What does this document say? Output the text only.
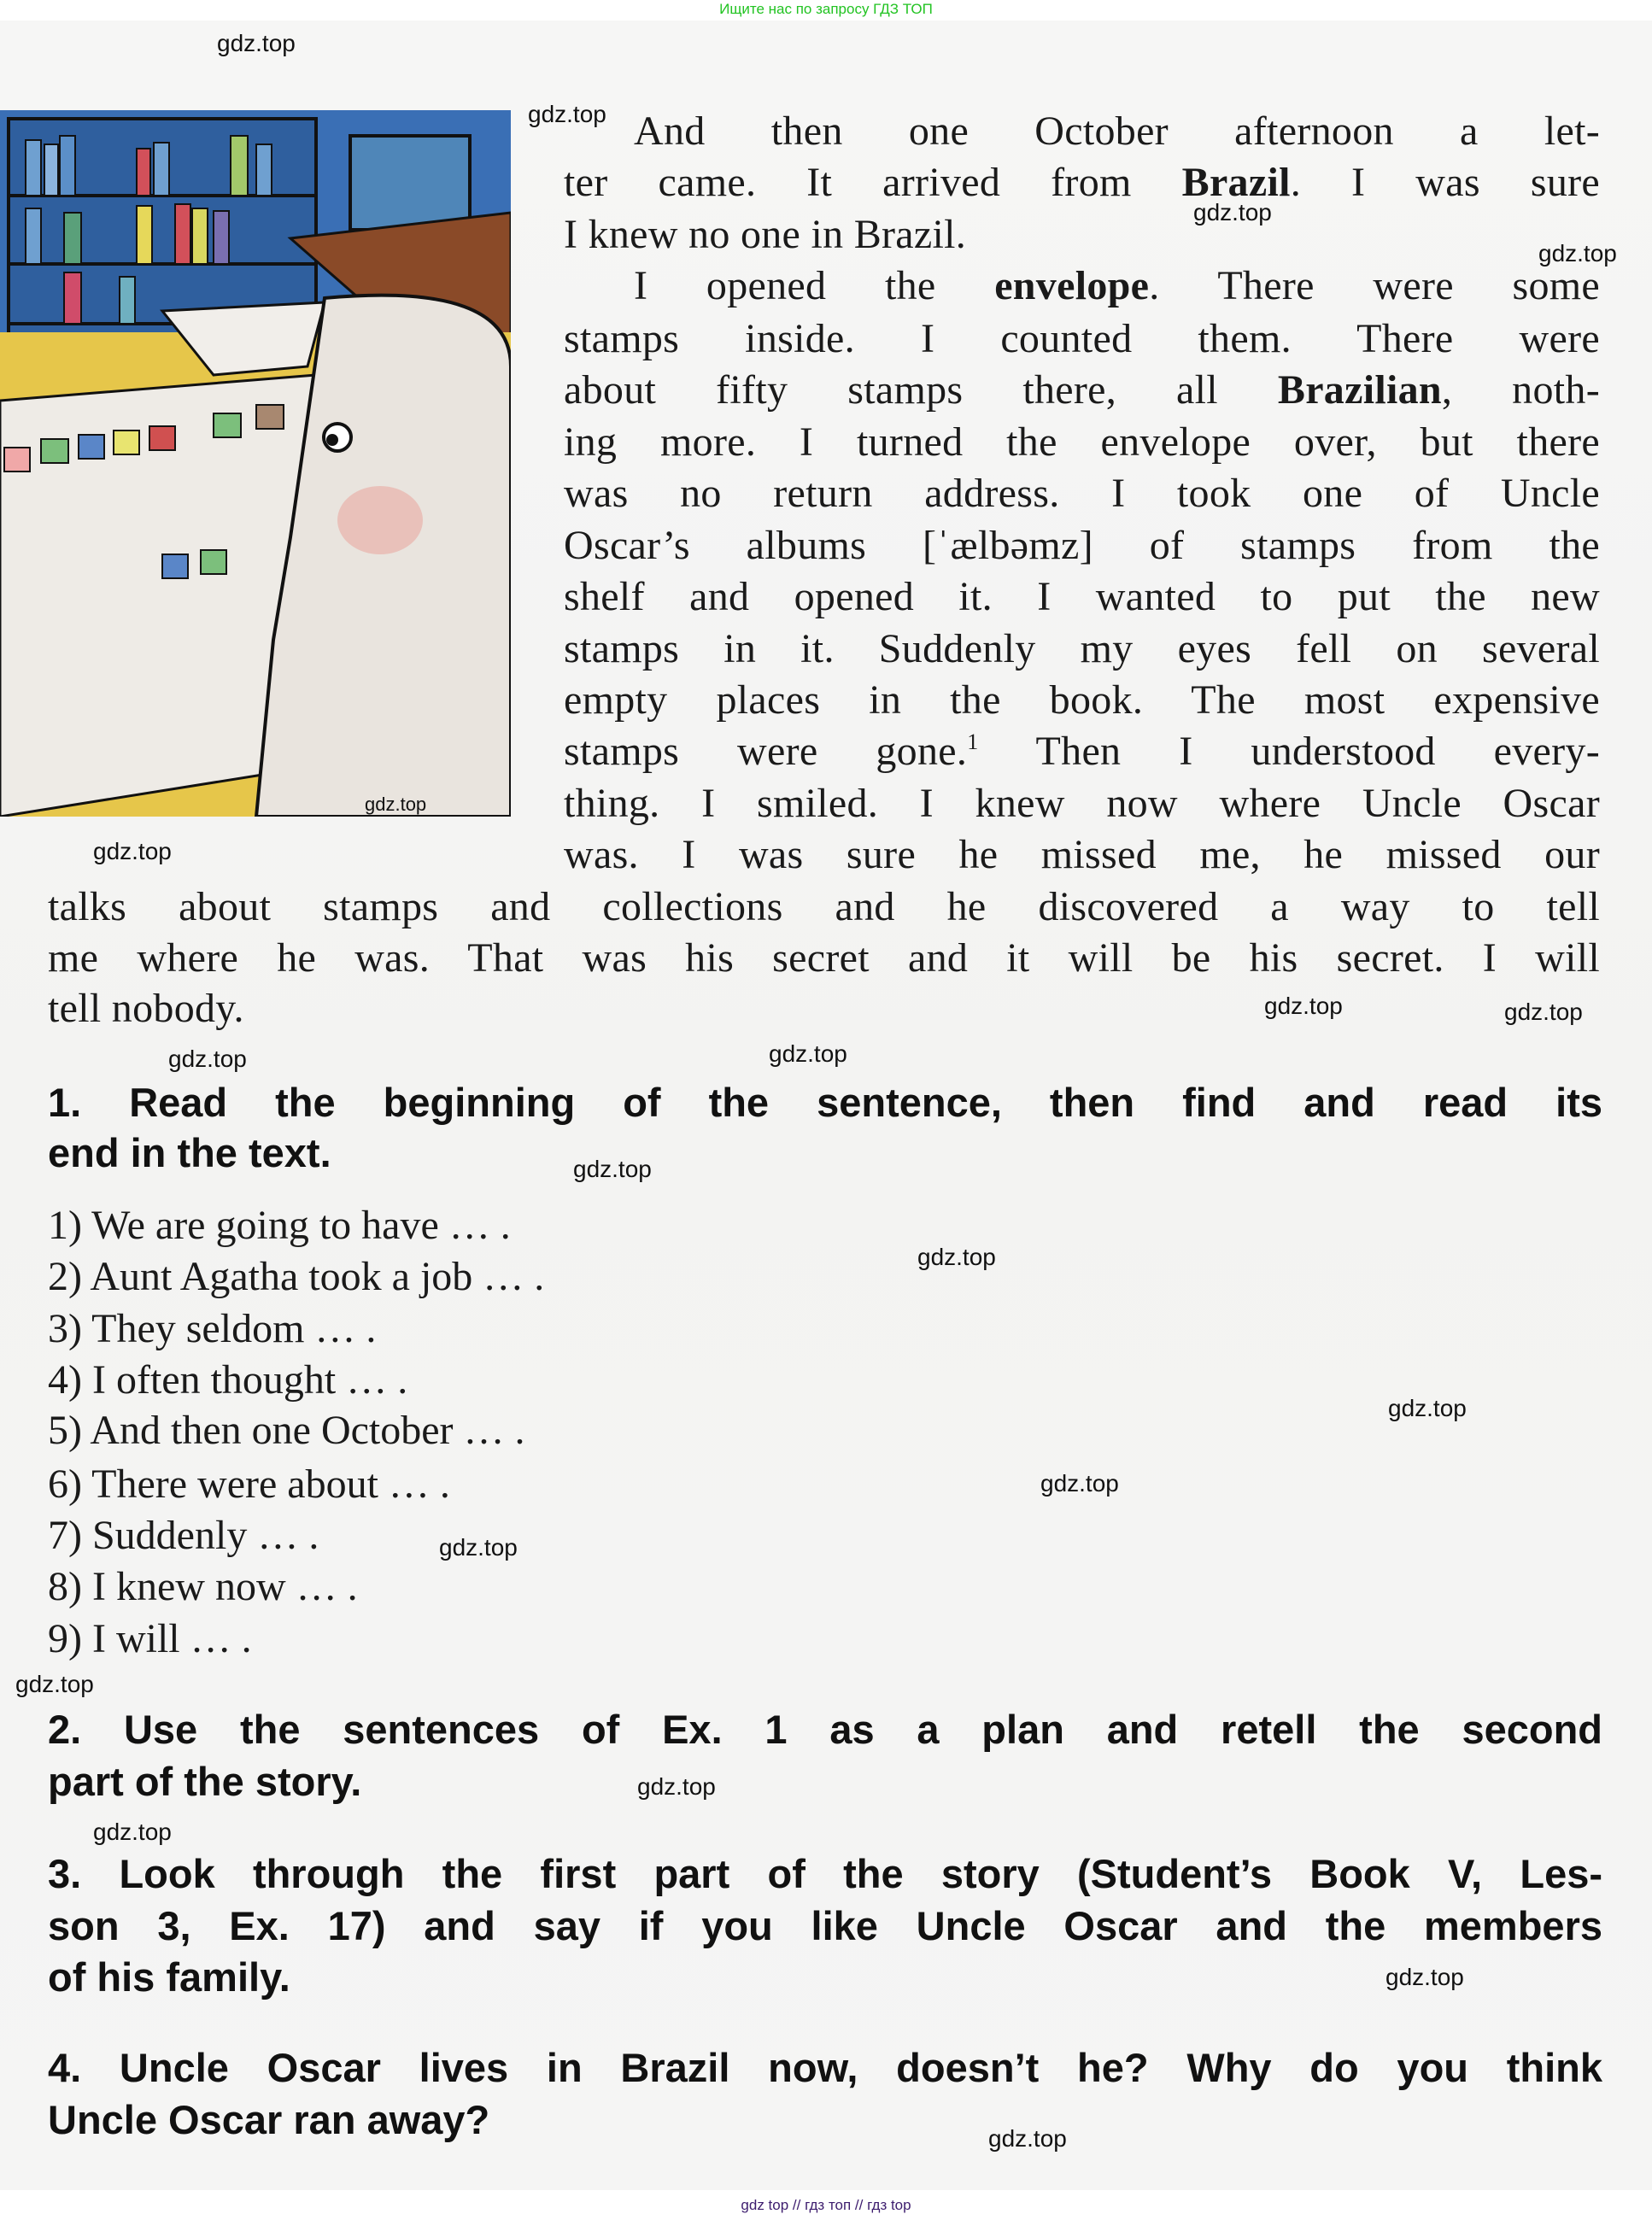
Ищите нас по запросу ГДЗ ТОП
gdz.top
And then one October afternoon a let-
ter came. It arrived from Brazil. I was sure
I knew no one in Brazil.
I opened the envelope. There were some
stamps inside. I counted them. There were
about fifty stamps there, all Brazilian, noth-
ing more. I turned the envelope over, but there
was no return address. I took one of Uncle
Oscar’s albums [ˈælbəmz] of stamps from the
shelf and opened it. I wanted to put the new
stamps in it. Suddenly my eyes fell on several
empty places in the book. The most expensive
stamps were gone.$^1$ Then I understood every-
thing. I smiled. I knew now where Uncle Oscar
was. I was sure he missed me, he missed our
talks about stamps and collections and he discovered a way to tell
me where he was. That was his secret and it will be his secret. I will
tell nobody.
1. Read the beginning of the sentence, then find and read its
end in the text.
1) We are going to have … .
2) Aunt Agatha took a job … .
3) They seldom … .
4) I often thought … .
5) And then one October … .
6) There were about … .
7) Suddenly … .
8) I knew now … .
9) I will … .
2. Use the sentences of Ex. 1 as a plan and retell the second
part of the story.
3. Look through the first part of the story (Student’s Book V, Les-
son 3, Ex. 17) and say if you like Uncle Oscar and the members
of his family.
4. Uncle Oscar lives in Brazil now, doesn’t he? Why do you think
Uncle Oscar ran away?
gdz.top
gdz.top
gdz.top
gdz.top
gdz.top
gdz.top
gdz.top
gdz.top
gdz.top
gdz.top
gdz.top
gdz.top
gdz.top
gdz.top
gdz.top
gdz.top
gdz.top
gdz.top
gdz.top
gdz top // гдз топ // гдз top
